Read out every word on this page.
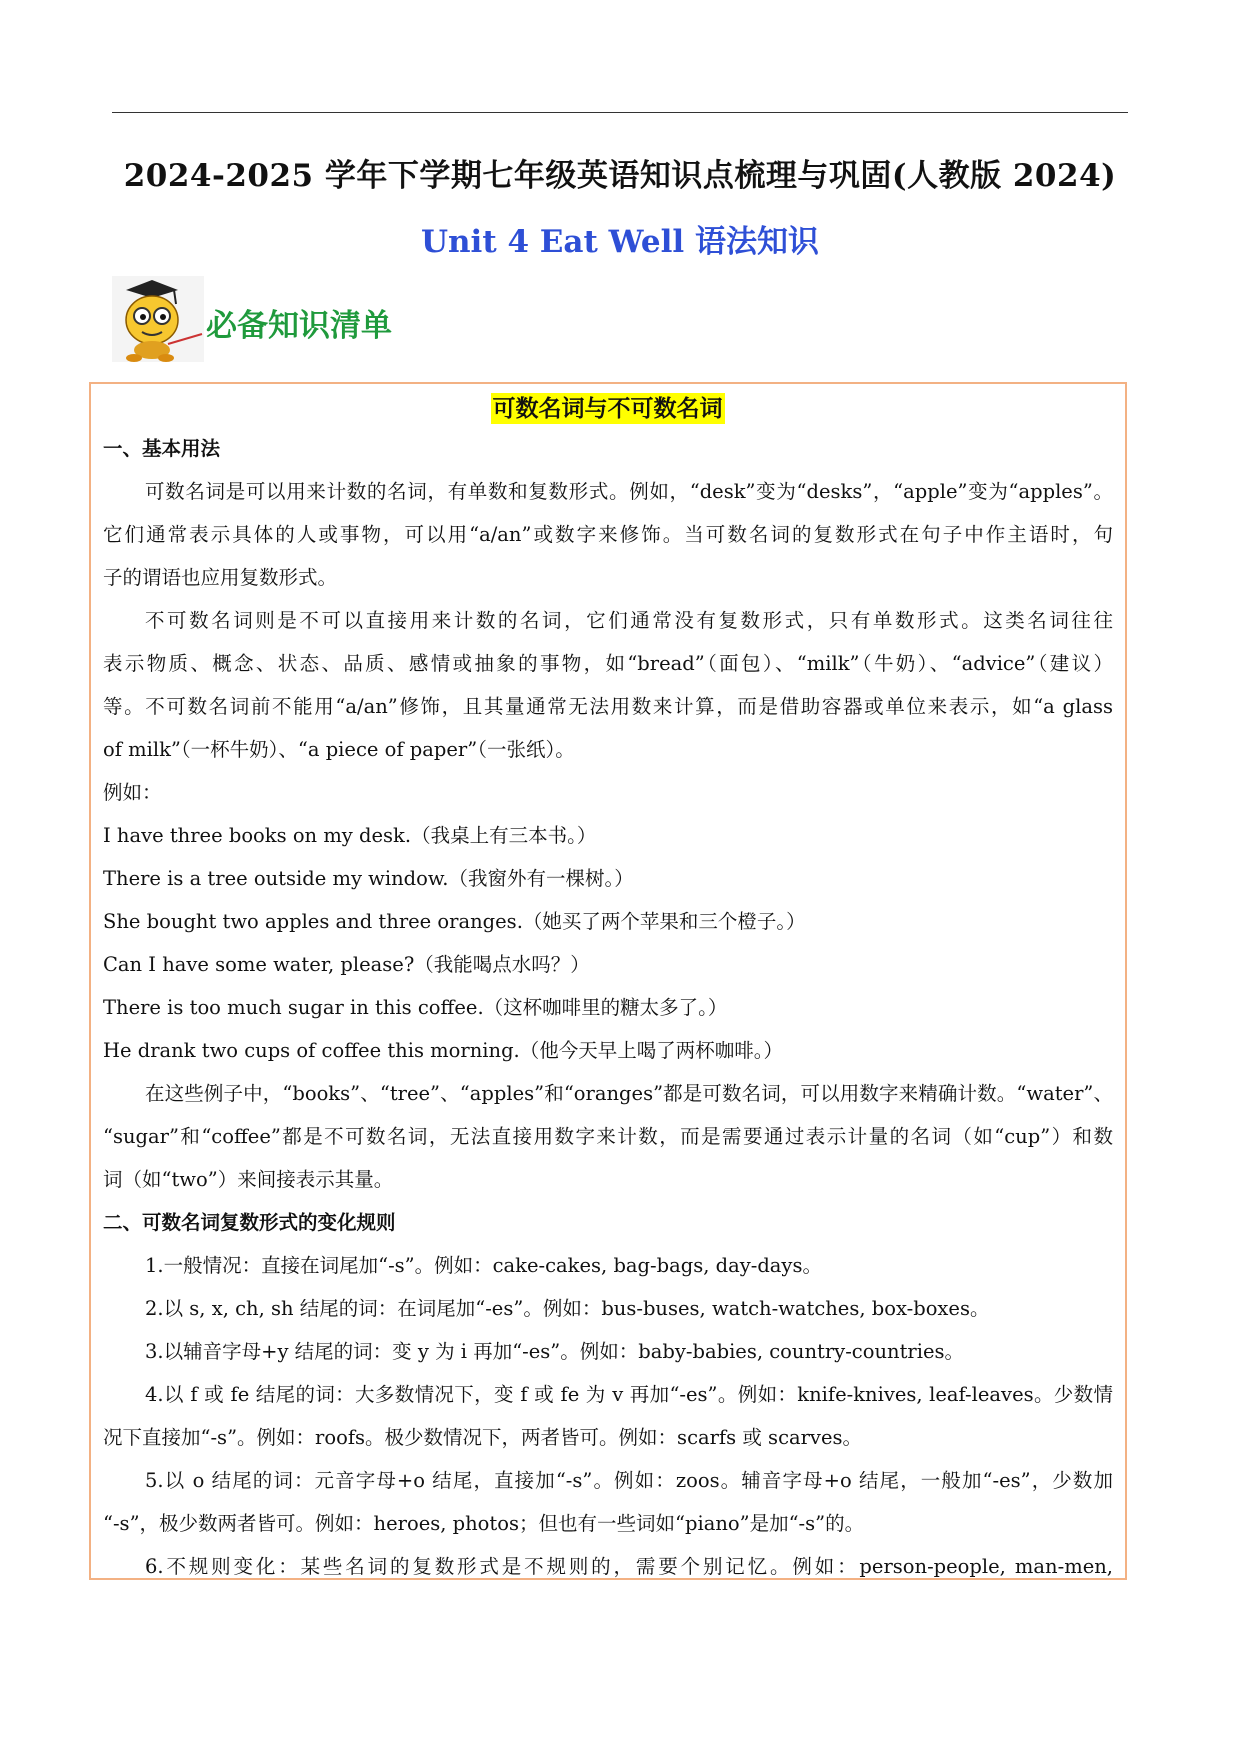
2024-2025 学年下学期七年级英语知识点梳理与巩固(人教版 2024)
Unit 4 Eat Well 语法知识
必备知识清单
可数名词与不可数名词
一、基本用法
可数名词是可以用来计数的名词，有单数和复数形式。例如，“desk”变为“desks”，“apple”变为“apples”。
它们通常表示具体的人或事物，可以用“a/an”或数字来修饰。当可数名词的复数形式在句子中作主语时，句
子的谓语也应用复数形式。
不可数名词则是不可以直接用来计数的名词，它们通常没有复数形式，只有单数形式。这类名词往往
表示物质、概念、状态、品质、感情或抽象的事物，如“bread”（面包）、“milk”（牛奶）、“advice”（建议）
等。不可数名词前不能用“a/an”修饰，且其量通常无法用数来计算，而是借助容器或单位来表示，如“a glass
of milk”（一杯牛奶）、“a piece of paper”（一张纸）。
例如：
I have three books on my desk.（我桌上有三本书。）
There is a tree outside my window.（我窗外有一棵树。）
She bought two apples and three oranges.（她买了两个苹果和三个橙子。）
Can I have some water, please?（我能喝点水吗？）
There is too much sugar in this coffee.（这杯咖啡里的糖太多了。）
He drank two cups of coffee this morning.（他今天早上喝了两杯咖啡。）
在这些例子中，“books”、“tree”、“apples”和“oranges”都是可数名词，可以用数字来精确计数。“water”、
“sugar”和“coffee”都是不可数名词，无法直接用数字来计数，而是需要通过表示计量的名词（如“cup”）和数
词（如“two”）来间接表示其量。
二、可数名词复数形式的变化规则
1.一般情况：直接在词尾加“-s”。例如：cake-cakes, bag-bags, day-days。
2.以 s, x, ch, sh 结尾的词：在词尾加“-es”。例如：bus-buses, watch-watches, box-boxes。
3.以辅音字母+y 结尾的词：变 y 为 i 再加“-es”。例如：baby-babies, country-countries。
4.以 f 或 fe 结尾的词：大多数情况下，变 f 或 fe 为 v 再加“-es”。例如：knife-knives, leaf-leaves。少数情
况下直接加“-s”。例如：roofs。极少数情况下，两者皆可。例如：scarfs 或 scarves。
5.以 o 结尾的词：元音字母+o 结尾，直接加“-s”。例如：zoos。辅音字母+o 结尾，一般加“-es”，少数加
“-s”，极少数两者皆可。例如：heroes, photos；但也有一些词如“piano”是加“-s”的。
6.不规则变化：某些名词的复数形式是不规则的，需要个别记忆。例如：person-people, man-men,
